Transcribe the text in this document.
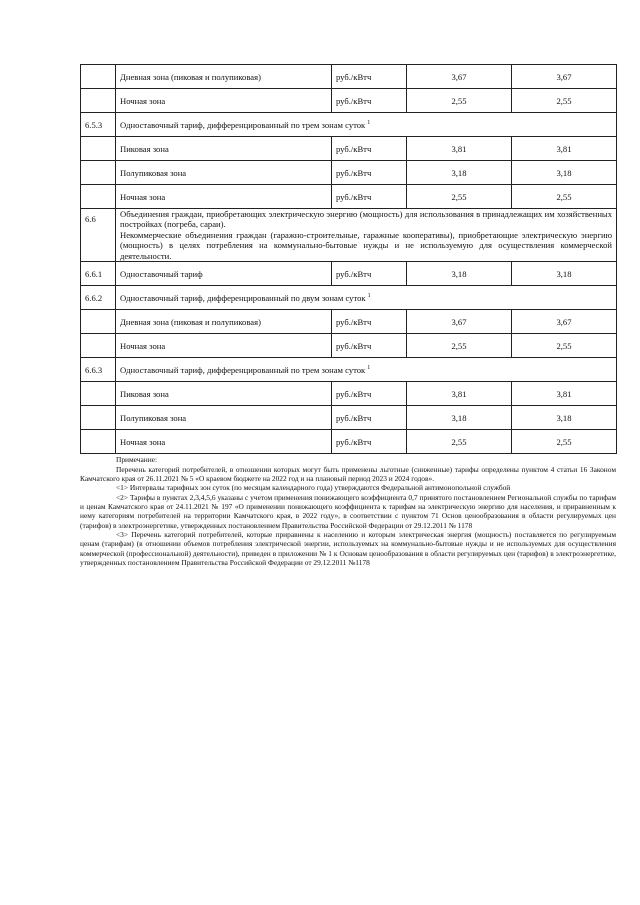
	Дневная зона (пиковая и полупиковая)	руб./кВтч	3,67	3,67
	Ночная зона	руб./кВтч	2,55	2,55
6.5.3	Одноставочный тариф, дифференцированный по трем зонам суток $^1$
	Пиковая зона	руб./кВтч	3,81	3,81
	Полупиковая зона	руб./кВтч	3,18	3,18
	Ночная зона	руб./кВтч	2,55	2,55
6.6	Объединения граждан, приобретающих электрическую энергию (мощность) для использования в принадлежащих им хозяйственных постройках (погреба, сараи).
Некоммерческие объединения граждан (гаражно-строительные, гаражные кооперативы), приобретающие электрическую энергию (мощность) в целях потребления на коммунально-бытовые нужды и не используемую для осуществления коммерческой деятельности.			

6.6.1	Одноставочный тариф	руб./кВтч	3,18	3,18
6.6.2	Одноставочный тариф, дифференцированный по двум зонам суток $^1$
	Дневная зона (пиковая и полупиковая)	руб./кВтч	3,67	3,67
	Ночная зона	руб./кВтч	2,55	2,55
6.6.3	Одноставочный тариф, дифференцированный по трем зонам суток $^1$
	Пиковая зона	руб./кВтч	3,81	3,81
	Полупиковая зона	руб./кВтч	3,18	3,18
	Ночная зона	руб./кВтч	2,55	2,55

Примечание:

Перечень категорий потребителей, в отношении которых могут быть применены льготные (сниженные) тарифы определены пунктом 4 статьи 16 Законом Камчатского края от 26.11.2021 № 5 «О краевом бюджете на 2022 год и на плановый период 2023 и 2024 годов».

<1> Интервалы тарифных зон суток (по месяцам календарного года) утверждаются Федеральной антимонопольной службой

<2> Тарифы в пунктах 2,3,4,5,6 указаны с учетом применения понижающего коэффициента 0,7 принятого постановлением Региональной службы по тарифам и ценам Камчатского края от 24.11.2021 № 197 «О применении понижающего коэффициента к тарифам на электрическую энергию для населения, и приравненным к нему категориям потребителей на территории Камчатского края, в 2022 году», в соответствии с пунктом 71 Основ ценообразования в области регулируемых цен (тарифов) в электроэнергетике, утвержденных постановлением Правительства Российской Федерации от 29.12.2011 № 1178

<3> Перечень категорий потребителей, которые приравнены к населению и которым электрическая энергия (мощность) поставляется по регулируемым ценам (тарифам) (в отношении объемов потребления электрической энергии, используемых на коммунально-бытовые нужды и не используемых для осуществления коммерческой (профессиональной) деятельности), приведен в приложении № 1 к Основам ценообразования в области регулируемых цен (тарифов) в электроэнергетике, утвержденных постановлением Правительства Российской Федерации от 29.12.2011 №1178
